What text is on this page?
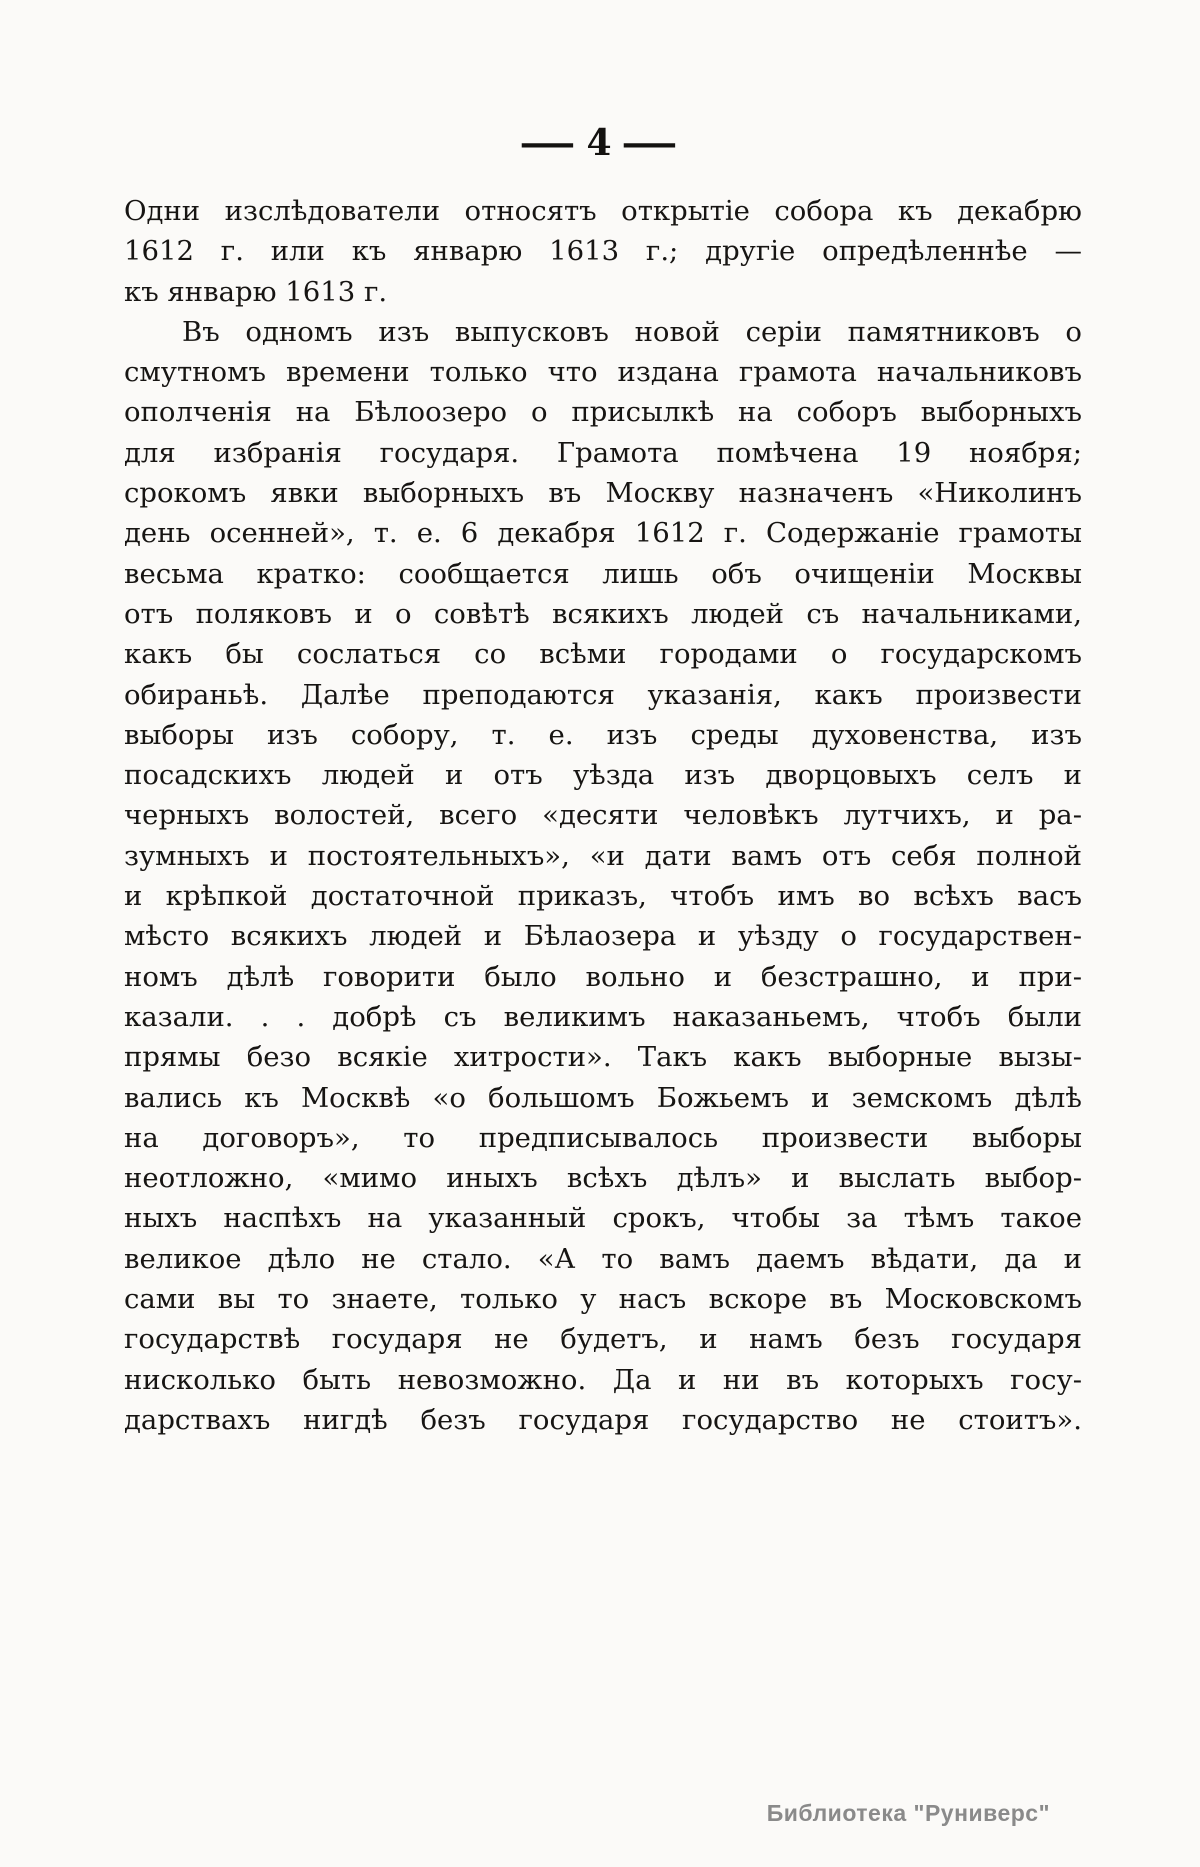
— 4 —
Одни изслѣдователи относятъ открытіе собора къ декабрю
1612 г. или къ январю 1613 г.; другіе опредѣленнѣе —
къ январю 1613 г.
Въ одномъ изъ выпусковъ новой серіи памятниковъ о
смутномъ времени только что издана грамота начальниковъ
ополченія на Бѣлоозеро о присылкѣ на соборъ выборныхъ
для избранія государя. Грамота помѣчена 19 ноября;
срокомъ явки выборныхъ въ Москву назначенъ «Николинъ
день осенней», т. е. 6 декабря 1612 г. Содержаніе грамоты
весьма кратко: сообщается лишь объ очищеніи Москвы
отъ поляковъ и о совѣтѣ всякихъ людей съ начальниками,
какъ бы сослаться со всѣми городами о государскомъ
обираньѣ. Далѣе преподаются указанія, какъ произвести
выборы изъ собору, т. е. изъ среды духовенства, изъ
посадскихъ людей и отъ уѣзда изъ дворцовыхъ селъ и
черныхъ волостей, всего «десяти человѣкъ лутчихъ, и ра-
зумныхъ и постоятельныхъ», «и дати вамъ отъ себя полной
и крѣпкой достаточной приказъ, чтобъ имъ во всѣхъ васъ
мѣсто всякихъ людей и Бѣлаозера и уѣзду о государствен-
номъ дѣлѣ говорити было вольно и безстрашно, и при-
казали. . . добрѣ съ великимъ наказаньемъ, чтобъ были
прямы безо всякіе хитрости». Такъ какъ выборные вызы-
вались къ Москвѣ «о большомъ Божьемъ и земскомъ дѣлѣ
на договоръ», то предписывалось произвести выборы
неотложно, «мимо иныхъ всѣхъ дѣлъ» и выслать выбор-
ныхъ наспѣхъ на указанный срокъ, чтобы за тѣмъ такое
великое дѣло не стало. «А то вамъ даемъ вѣдати, да и
сами вы то знаете, только у насъ вскоре въ Московскомъ
государствѣ государя не будетъ, и намъ безъ государя
нисколько быть невозможно. Да и ни въ которыхъ госу-
дарствахъ нигдѣ безъ государя государство не стоитъ».
Библиотека "Руниверс"
